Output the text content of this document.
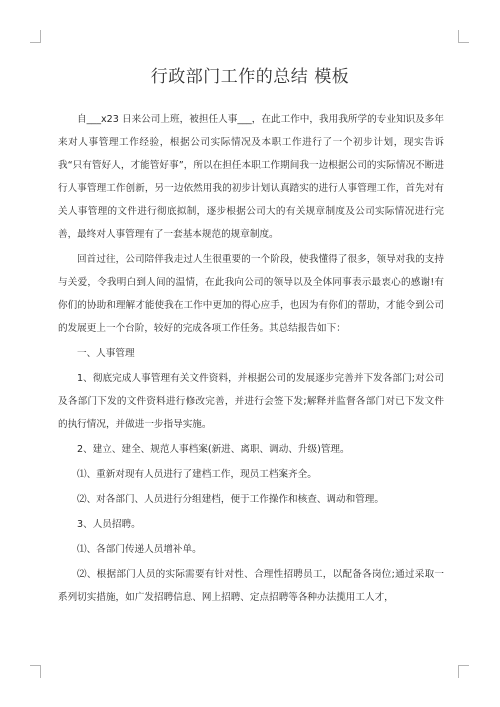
行政部门工作的总结 模板

自___x23 日来公司上班，被担任人事___，在此工作中，我用我所学的专业知识及多年来对人事管理工作经验，根据公司实际情况及本职工作进行了一个初步计划，现实告诉我“只有管好人，才能管好事”，所以在担任本职工作期间我一边根据公司的实际情况不断进行人事管理工作创新，另一边依然用我的初步计划认真踏实的进行人事管理工作，首先对有关人事管理的文件进行彻底拟制，逐步根据公司大的有关规章制度及公司实际情况进行完善，最终对人事管理有了一套基本规范的规章制度。

回首过往，公司陪伴我走过人生很重要的一个阶段，使我懂得了很多，领导对我的支持与关爱，令我明白到人间的温情，在此我向公司的领导以及全体同事表示最衷心的感谢!有你们的协助和理解才能使我在工作中更加的得心应手，也因为有你们的帮助，才能令到公司的发展更上一个台阶，较好的完成各项工作任务。其总结报告如下：

一、人事管理

1、彻底完成人事管理有关文件资料，并根据公司的发展逐步完善并下发各部门;对公司及各部门下发的文件资料进行修改完善，并进行会签下发;解释并监督各部门对已下发文件的执行情况，并做进一步指导实施。

2、建立、建全、规范人事档案(新进、离职、调动、升级)管理。

⑴、重新对现有人员进行了建档工作，现员工档案齐全。

⑵、对各部门、人员进行分组建档，便于工作操作和核查、调动和管理。

3、人员招聘。

⑴、各部门传递人员增补单。

⑵、根据部门人员的实际需要有针对性、合理性招聘员工，以配备各岗位;通过采取一系列切实措施，如广发招聘信息、网上招聘、定点招聘等各种办法揽用工人才，
